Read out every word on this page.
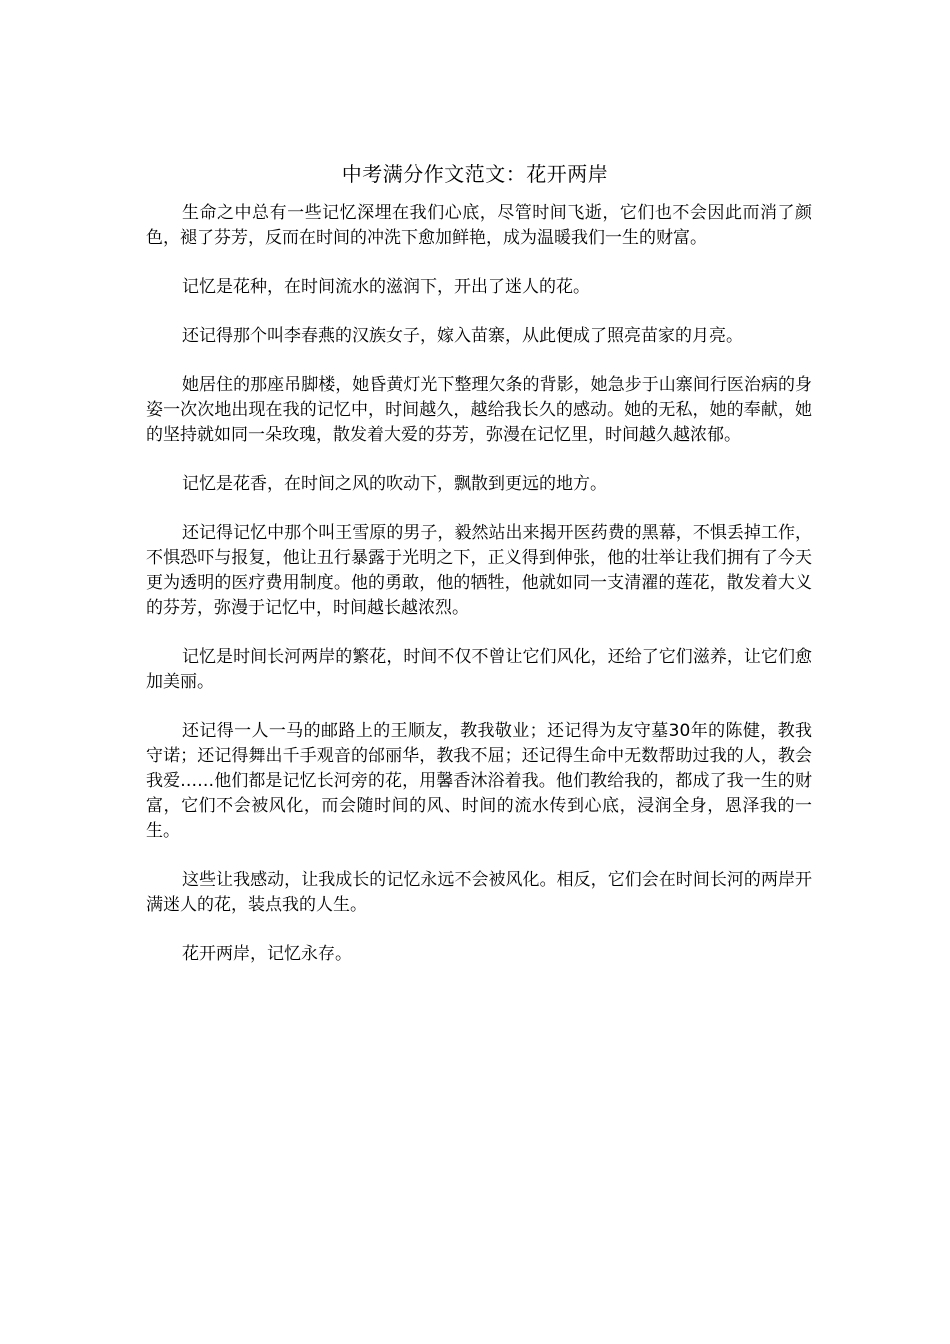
中考满分作文范文：花开两岸

生命之中总有一些记忆深埋在我们心底，尽管时间飞逝，它们也不会因此而消了颜色，褪了芬芳，反而在时间的冲洗下愈加鲜艳，成为温暖我们一生的财富。

记忆是花种，在时间流水的滋润下，开出了迷人的花。

还记得那个叫李春燕的汉族女子，嫁入苗寨，从此便成了照亮苗家的月亮。

她居住的那座吊脚楼，她昏黄灯光下整理欠条的背影，她急步于山寨间行医治病的身姿一次次地出现在我的记忆中，时间越久，越给我长久的感动。她的无私，她的奉献，她的坚持就如同一朵玫瑰，散发着大爱的芬芳，弥漫在记忆里，时间越久越浓郁。

记忆是花香，在时间之风的吹动下，飘散到更远的地方。

还记得记忆中那个叫王雪原的男子，毅然站出来揭开医药费的黑幕，不惧丢掉工作，不惧恐吓与报复，他让丑行暴露于光明之下，正义得到伸张，他的壮举让我们拥有了今天更为透明的医疗费用制度。他的勇敢，他的牺牲，他就如同一支清濯的莲花，散发着大义的芬芳，弥漫于记忆中，时间越长越浓烈。

记忆是时间长河两岸的繁花，时间不仅不曾让它们风化，还给了它们滋养，让它们愈加美丽。

还记得一人一马的邮路上的王顺友，教我敬业；还记得为友守墓30年的陈健，教我守诺；还记得舞出千手观音的邰丽华，教我不屈；还记得生命中无数帮助过我的人，教会我爱……他们都是记忆长河旁的花，用馨香沐浴着我。他们教给我的，都成了我一生的财富，它们不会被风化，而会随时间的风、时间的流水传到心底，浸润全身，恩泽我的一生。

这些让我感动，让我成长的记忆永远不会被风化。相反，它们会在时间长河的两岸开满迷人的花，装点我的人生。

花开两岸，记忆永存。
